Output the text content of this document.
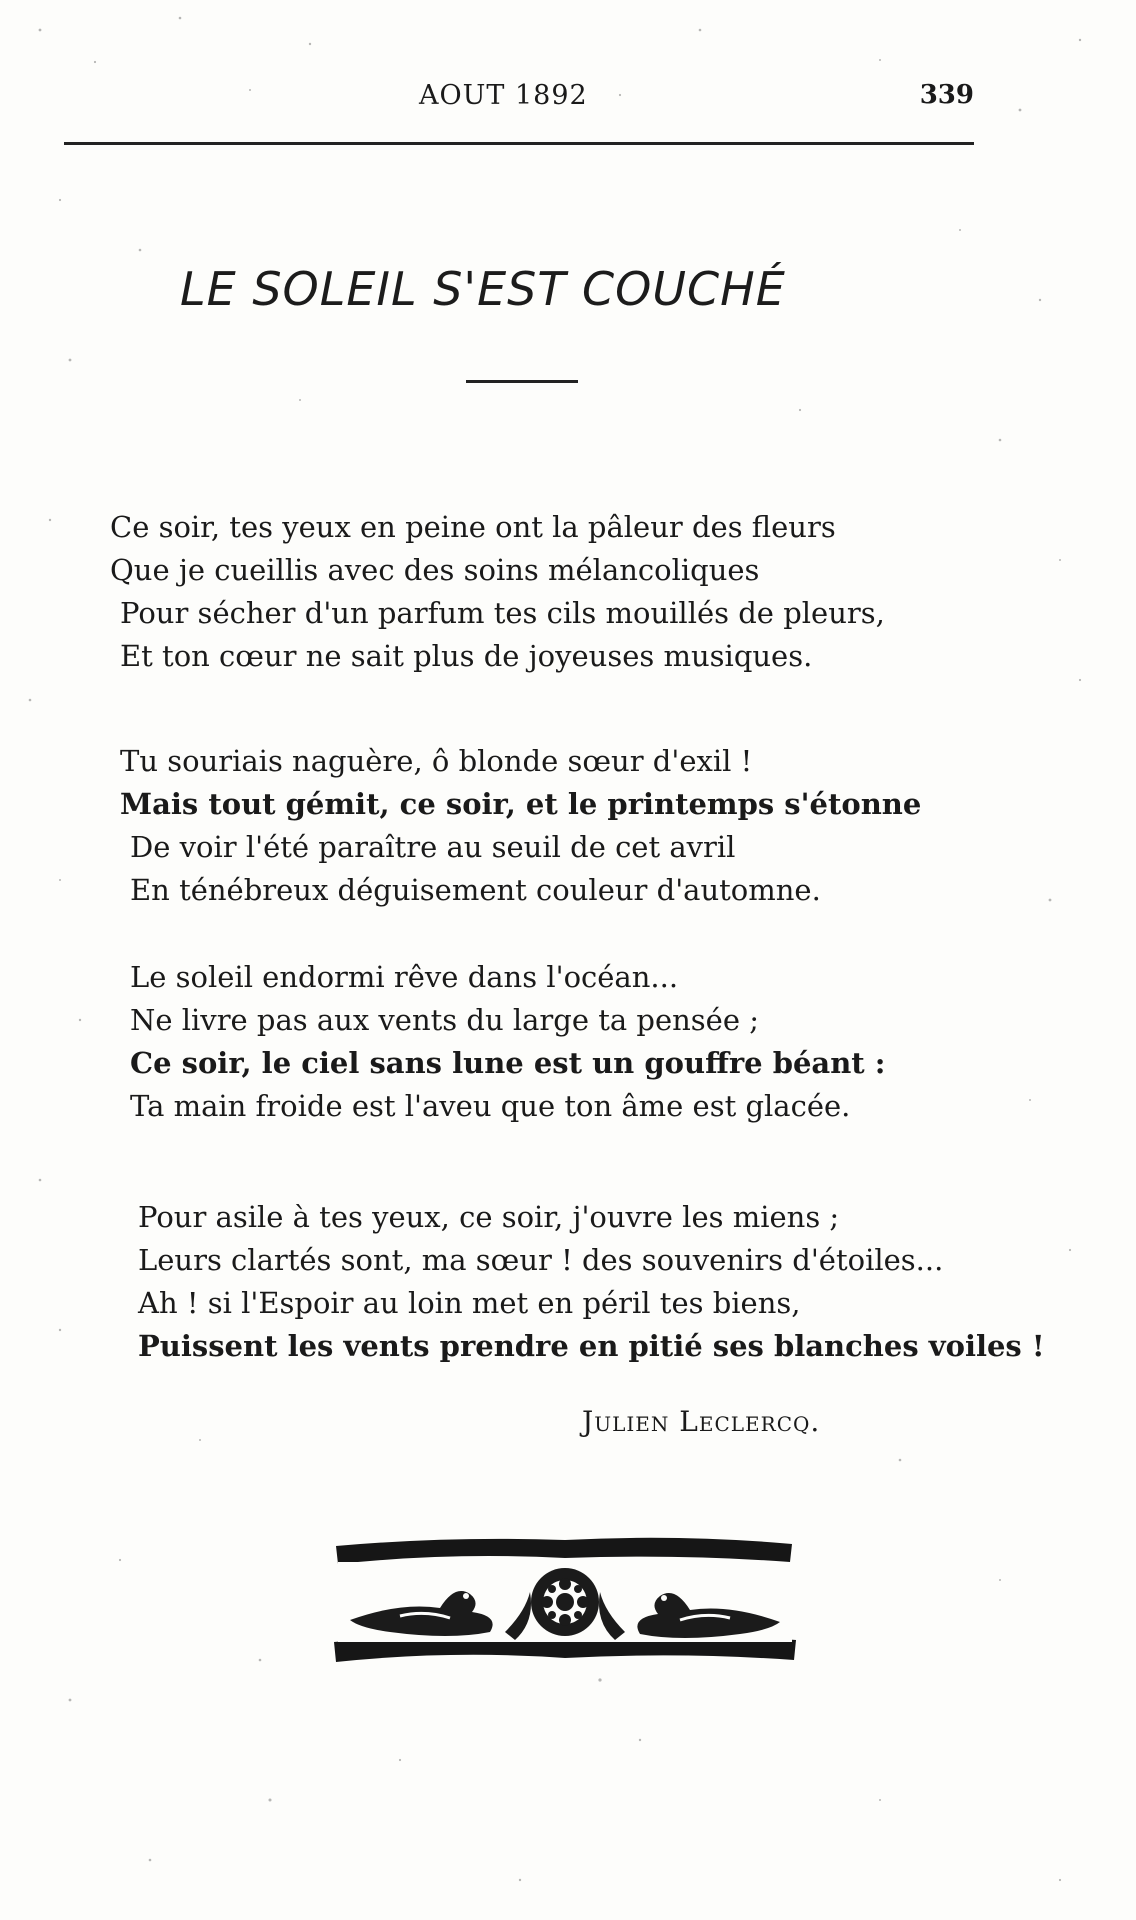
AOUT 1892	339
LE SOLEIL S'EST COUCHÉ
Ce soir, tes yeux en peine ont la pâleur des fleurs
Que je cueillis avec des soins mélancoliques
Pour sécher d'un parfum tes cils mouillés de pleurs,
Et ton cœur ne sait plus de joyeuses musiques.
Tu souriais naguère, ô blonde sœur d'exil !
Mais tout gémit, ce soir, et le printemps s'étonne
De voir l'été paraître au seuil de cet avril
En ténébreux déguisement couleur d'automne.
Le soleil endormi rêve dans l'océan...
Ne livre pas aux vents du large ta pensée ;
Ce soir, le ciel sans lune est un gouffre béant :
Ta main froide est l'aveu que ton âme est glacée.
Pour asile à tes yeux, ce soir, j'ouvre les miens ;
Leurs clartés sont, ma sœur ! des souvenirs d'étoiles...
Ah ! si l'Espoir au loin met en péril tes biens,
Puissent les vents prendre en pitié ses blanches voiles !
Julien Leclercq.
